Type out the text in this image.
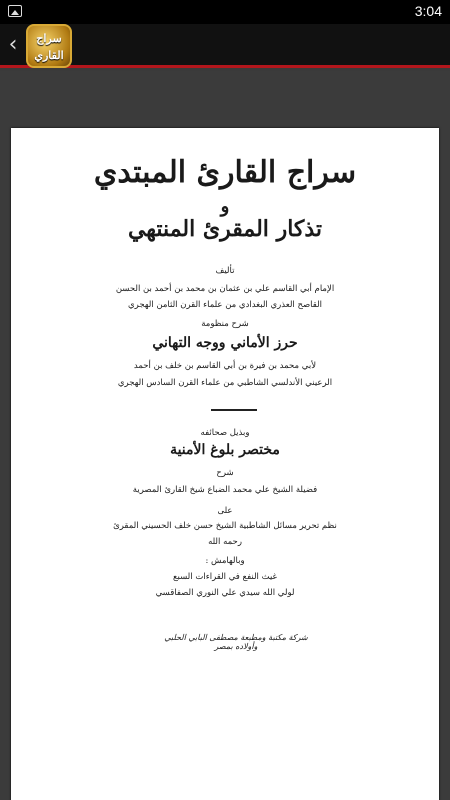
3:04
‹	سراج القاري
سراج القارئ المبتدي
و
تذكار المقرئ المنتهي
تأليف
الإمام أبي القاسم علي بن عثمان بن محمد بن أحمد بن الحسن
القاصح العذري البغدادي من علماء القرن الثامن الهجري
شرح منظومة
حرز الأماني ووجه التهاني
لأبي محمد بن فيرة بن أبي القاسم بن خلف بن أحمد
الرعيني الأندلسي الشاطبي من علماء القرن السادس الهجري
وبذيل صحائفه
مختصر بلوغ الأمنية
شرح
فضيلة الشيخ علي محمد الضباع شيخ القارئ المصرية
على
نظم تحرير مسائل الشاطبية الشيخ حسن خلف الحسيني المقرئ
رحمه الله
وبالهامش :
غيث النفع في القراءات السبع
لولي الله سيدي علي النوري الصفاقسي
شركة مكتبة ومطبعة مصطفى البابي الحلبي وأولاده بمصر
